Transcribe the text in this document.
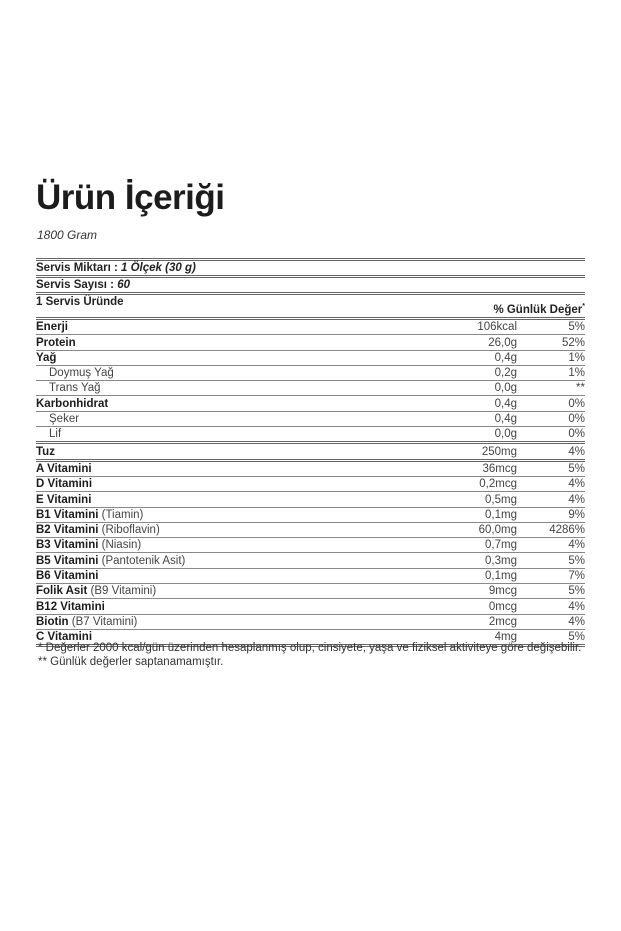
Ürün İçeriği
1800 Gram
Servis Miktarı : 1 Ölçek (30 g)
Servis Sayısı : 60
1 Servis Üründe
% Günlük Değer*
Enerji	106kcal	5%
Protein	26,0g	52%
Yağ	0,4g	1%
Doymuş Yağ	0,2g	1%
Trans Yağ	0,0g	**
Karbonhidrat	0,4g	0%
Şeker	0,4g	0%
Lif	0,0g	0%
Tuz	250mg	4%
A Vitamini	36mcg	5%
D Vitamini	0,2mcg	4%
E Vitamini	0,5mg	4%
B1 Vitamini (Tiamin)	0,1mg	9%
B2 Vitamini (Riboflavin)	60,0mg	4286%
B3 Vitamini (Niasin)	0,7mg	4%
B5 Vitamini (Pantotenik Asit)	0,3mg	5%
B6 Vitamini	0,1mg	7%
Folik Asit (B9 Vitamini)	9mcg	5%
B12 Vitamini	0mcg	4%
Biotin (B7 Vitamini)	2mcg	4%
C Vitamini	4mg	5%
* Değerler 2000 kcal/gün üzerinden hesaplanmış olup, cinsiyete, yaşa ve fiziksel aktiviteye göre değişebilir.
** Günlük değerler saptanamamıştır.
